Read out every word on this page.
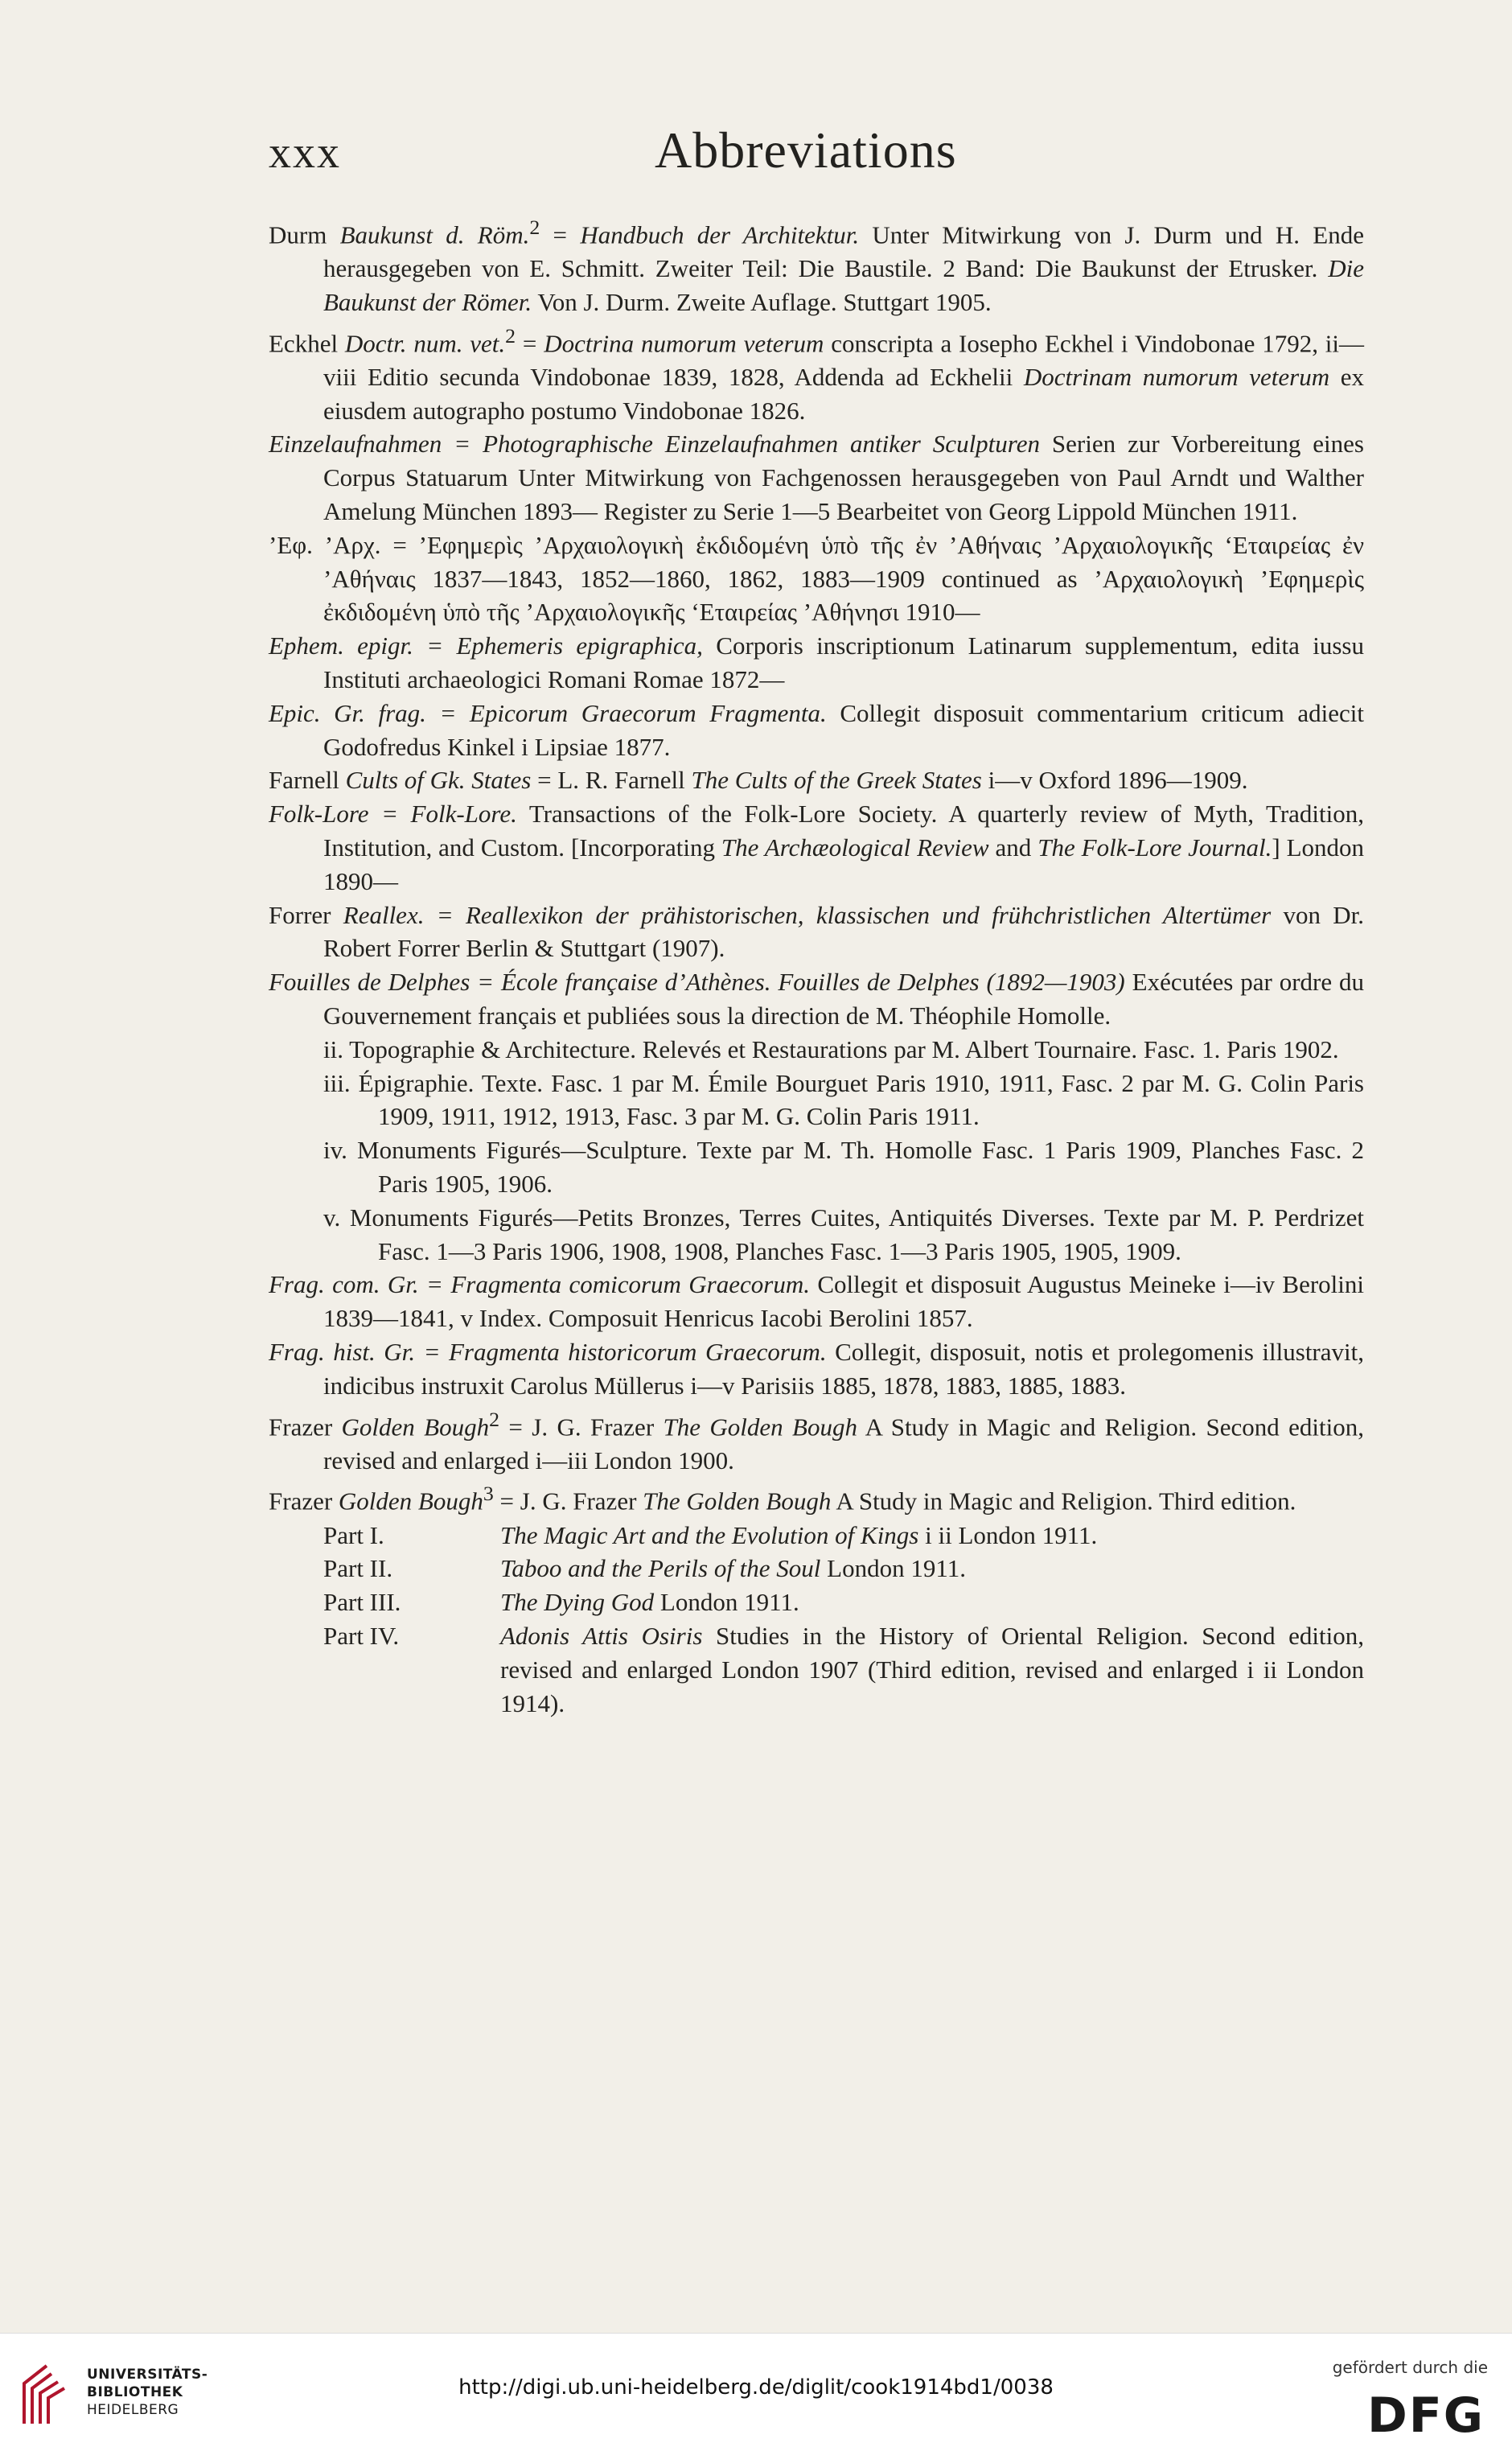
xxx	Abbreviations

Durm Baukunst d. Röm.$^2$ = Handbuch der Architektur. Unter Mitwirkung von J. Durm und H. Ende herausgegeben von E. Schmitt. Zweiter Teil: Die Baustile. 2 Band: Die Baukunst der Etrusker. Die Baukunst der Römer. Von J. Durm. Zweite Auflage. Stuttgart 1905.

Eckhel Doctr. num. vet.$^2$ = Doctrina numorum veterum conscripta a Iosepho Eckhel i Vindobonae 1792, ii—viii Editio secunda Vindobonae 1839, 1828, Addenda ad Eckhelii Doctrinam numorum veterum ex eiusdem autographo postumo Vindobonae 1826.

Einzelaufnahmen = Photographische Einzelaufnahmen antiker Sculpturen Serien zur Vorbereitung eines Corpus Statuarum Unter Mitwirkung von Fachgenossen herausgegeben von Paul Arndt und Walther Amelung München 1893— Register zu Serie 1—5 Bearbeitet von Georg Lippold München 1911.

’Εφ. ’Αρχ. = ’Εφημερὶς ’Αρχαιολογικὴ ἐκδιδομένη ὑπὸ τῆς ἐν ’Αθήναις ’Αρχαιολογικῆς ‘Εταιρείας ἐν ’Αθήναις 1837—1843, 1852—1860, 1862, 1883—1909 continued as ’Αρχαιολογικὴ ’Εφημερὶς ἐκδιδομένη ὑπὸ τῆς ’Αρχαιολογικῆς ‘Εταιρείας ’Αθήνησι 1910—

Ephem. epigr. = Ephemeris epigraphica, Corporis inscriptionum Latinarum supplementum, edita iussu Instituti archaeologici Romani Romae 1872—

Epic. Gr. frag. = Epicorum Graecorum Fragmenta. Collegit disposuit commentarium criticum adiecit Godofredus Kinkel i Lipsiae 1877.

Farnell Cults of Gk. States = L. R. Farnell The Cults of the Greek States i—v Oxford 1896—1909.

Folk-Lore = Folk-Lore. Transactions of the Folk-Lore Society. A quarterly review of Myth, Tradition, Institution, and Custom. [Incorporating The Archæological Review and The Folk-Lore Journal.] London 1890—

Forrer Reallex. = Reallexikon der prähistorischen, klassischen und frühchristlichen Altertümer von Dr. Robert Forrer Berlin & Stuttgart (1907).

Fouilles de Delphes = École française d’Athènes. Fouilles de Delphes (1892—1903) Exécutées par ordre du Gouvernement français et publiées sous la direction de M. Théophile Homolle.

ii. Topographie & Architecture. Relevés et Restaurations par M. Albert Tournaire. Fasc. 1. Paris 1902.

iii. Épigraphie. Texte. Fasc. 1 par M. Émile Bourguet Paris 1910, 1911, Fasc. 2 par M. G. Colin Paris 1909, 1911, 1912, 1913, Fasc. 3 par M. G. Colin Paris 1911.

iv. Monuments Figurés—Sculpture. Texte par M. Th. Homolle Fasc. 1 Paris 1909, Planches Fasc. 2 Paris 1905, 1906.

v. Monuments Figurés—Petits Bronzes, Terres Cuites, Antiquités Diverses. Texte par M. P. Perdrizet Fasc. 1—3 Paris 1906, 1908, 1908, Planches Fasc. 1—3 Paris 1905, 1905, 1909.

Frag. com. Gr. = Fragmenta comicorum Graecorum. Collegit et disposuit Augustus Meineke i—iv Berolini 1839—1841, v Index. Composuit Henricus Iacobi Berolini 1857.

Frag. hist. Gr. = Fragmenta historicorum Graecorum. Collegit, disposuit, notis et prolegomenis illustravit, indicibus instruxit Carolus Müllerus i—v Parisiis 1885, 1878, 1883, 1885, 1883.

Frazer Golden Bough$^2$ = J. G. Frazer The Golden Bough A Study in Magic and Religion. Second edition, revised and enlarged i—iii London 1900.

Frazer Golden Bough$^3$ = J. G. Frazer The Golden Bough A Study in Magic and Religion. Third edition.

Part I.	The Magic Art and the Evolution of Kings i ii London 1911.

Part II.	Taboo and the Perils of the Soul London 1911.

Part III.	The Dying God London 1911.

Part IV.	Adonis Attis Osiris Studies in the History of Oriental Religion. Second edition, revised and enlarged London 1907 (Third edition, revised and enlarged i ii London 1914).

UNIVERSITÄTS-
BIBLIOTHEK
HEIDELBERG
http://digi.ub.uni-heidelberg.de/diglit/cook1914bd1/0038
gefördert durch die
DFG
